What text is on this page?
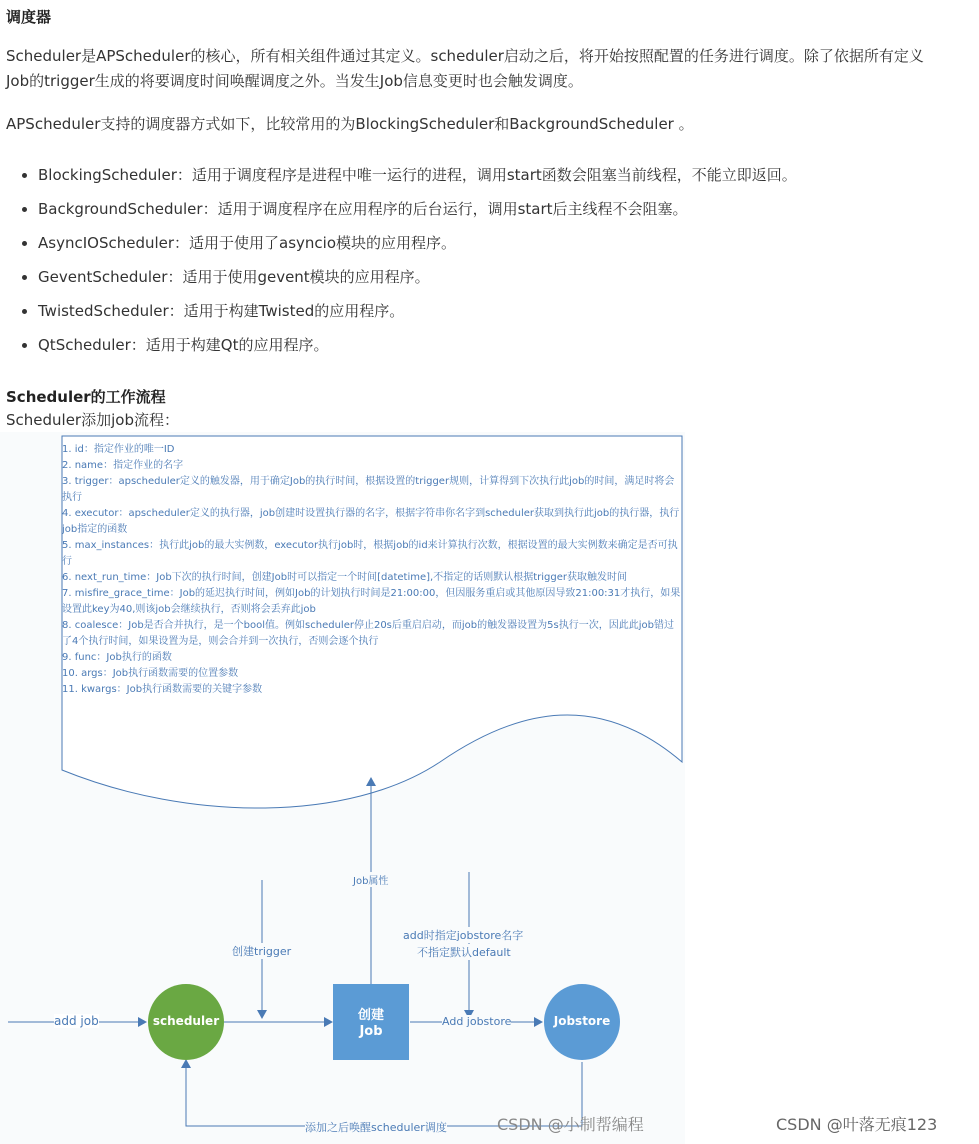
调度器

Scheduler是APScheduler的核心，所有相关组件通过其定义。scheduler启动之后，将开始按照配置的任务进行调度。除了依据所有定义

Job的trigger生成的将要调度时间唤醒调度之外。当发生Job信息变更时也会触发调度。

APScheduler支持的调度器方式如下，比较常用的为BlockingScheduler和BackgroundScheduler 。

• BlockingScheduler：适用于调度程序是进程中唯一运行的进程，调用start函数会阻塞当前线程，不能立即返回。
• BackgroundScheduler：适用于调度程序在应用程序的后台运行，调用start后主线程不会阻塞。
• AsyncIOScheduler：适用于使用了asyncio模块的应用程序。
• GeventScheduler：适用于使用gevent模块的应用程序。
• TwistedScheduler：适用于构建Twisted的应用程序。
• QtScheduler：适用于构建Qt的应用程序。

Scheduler的工作流程

Scheduler添加job流程：

1. id：指定作业的唯一ID
2. name：指定作业的名字
3. trigger：apscheduler定义的触发器，用于确定Job的执行时间，根据设置的trigger规则，计算得到下次执行此job的时间，满足时将会执行
4. executor：apscheduler定义的执行器，job创建时设置执行器的名字，根据字符串你名字到scheduler获取到执行此job的执行器，执行job指定的函数
5. max_instances：执行此job的最大实例数，executor执行job时，根据job的id来计算执行次数，根据设置的最大实例数来确定是否可执行
6. next_run_time：Job下次的执行时间，创建Job时可以指定一个时间[datetime],不指定的话则默认根据trigger获取触发时间
7. misfire_grace_time：Job的延迟执行时间，例如Job的计划执行时间是21:00:00，但因服务重启或其他原因导致21:00:31才执行，如果设置此key为40,则该job会继续执行，否则将会丢弃此job
8. coalesce：Job是否合并执行，是一个bool值。例如scheduler停止20s后重启启动，而job的触发器设置为5s执行一次，因此此job错过了4个执行时间，如果设置为是，则会合并到一次执行，否则会逐个执行
9. func：Job执行的函数
10. args：Job执行函数需要的位置参数
11. kwargs：Job执行函数需要的关键字参数
Job属性
创建trigger
add时指定jobstore名字
不指定默认default
add job	Add jobstore
添加之后唤醒scheduler调度
scheduler	创建
Job
Jobstore
CSDN @小制帮编程	CSDN @叶落无痕123
